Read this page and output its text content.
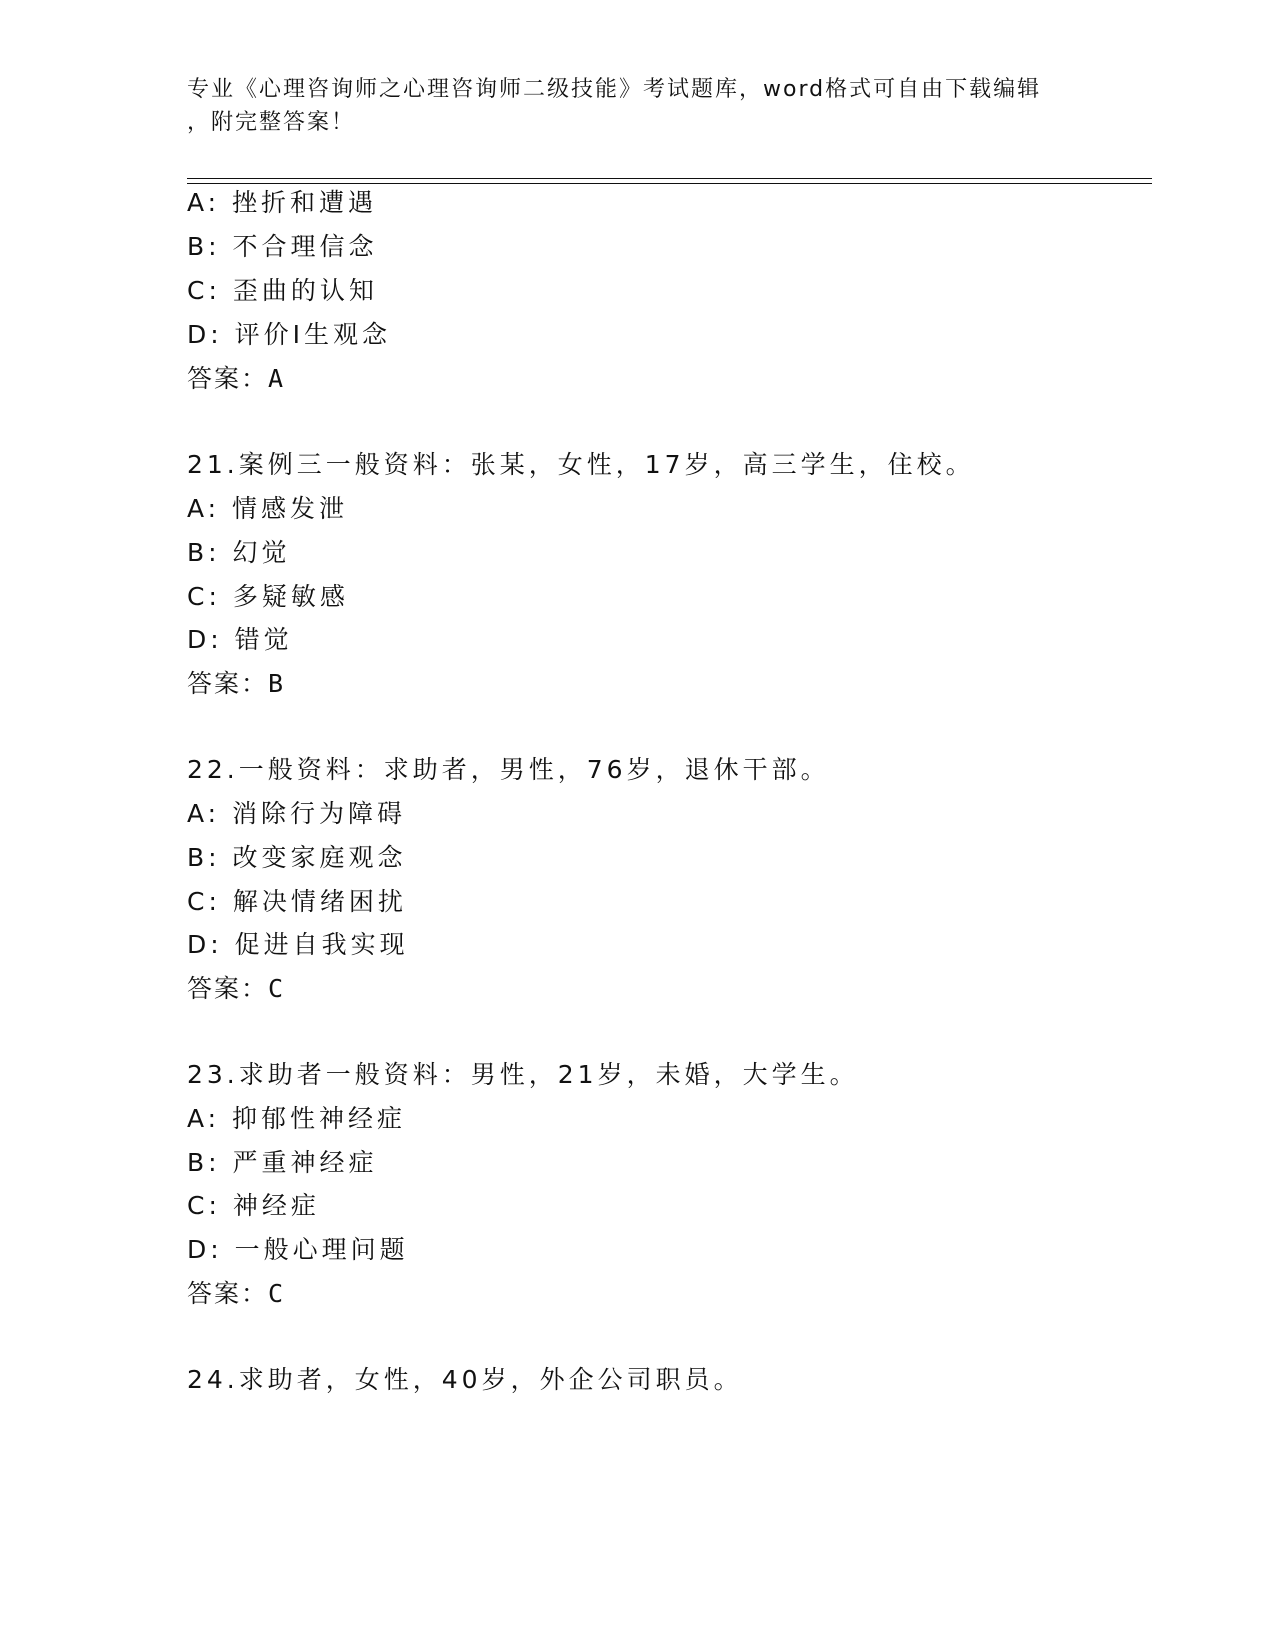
专业《心理咨询师之心理咨询师二级技能》考试题库，word格式可自由下载编辑
，附完整答案！
A: 挫折和遭遇
B: 不合理信念
C: 歪曲的认知
D: 评价Ⅰ生观念
答案：A
21.案例三一般资料：张某，女性，17岁，高三学生，住校。
A: 情感发泄
B: 幻觉
C: 多疑敏感
D: 错觉
答案：B
22.一般资料：求助者，男性，76岁，退休干部。
A: 消除行为障碍
B: 改变家庭观念
C: 解决情绪困扰
D: 促进自我实现
答案：C
23.求助者一般资料：男性，21岁，未婚，大学生。
A: 抑郁性神经症
B: 严重神经症
C: 神经症
D: 一般心理问题
答案：C
24.求助者，女性，40岁，外企公司职员。
